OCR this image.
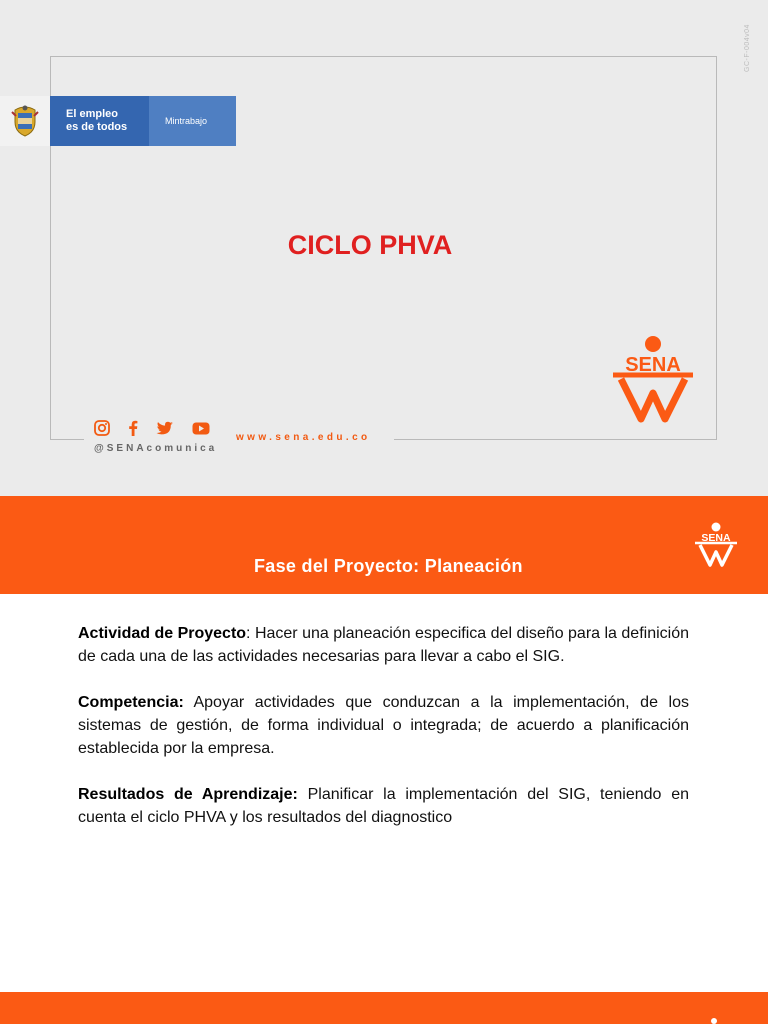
GC-F-004v04
El empleo
es de todos	Mintrabajo
CICLO PHVA
SENA
@SENAcomunica
www.sena.edu.co
Fase del Proyecto: Planeación
SENA

Actividad de Proyecto: Hacer una planeación especifica del diseño para la definición de cada una de las actividades necesarias para llevar a cabo el SIG.

Competencia: Apoyar actividades que conduzcan a la implementación, de los sistemas de gestión, de forma individual o integrada; de acuerdo a planificación establecida por la empresa.

Resultados de Aprendizaje: Planificar la implementación del SIG, teniendo en cuenta el ciclo PHVA y los resultados del diagnostico
